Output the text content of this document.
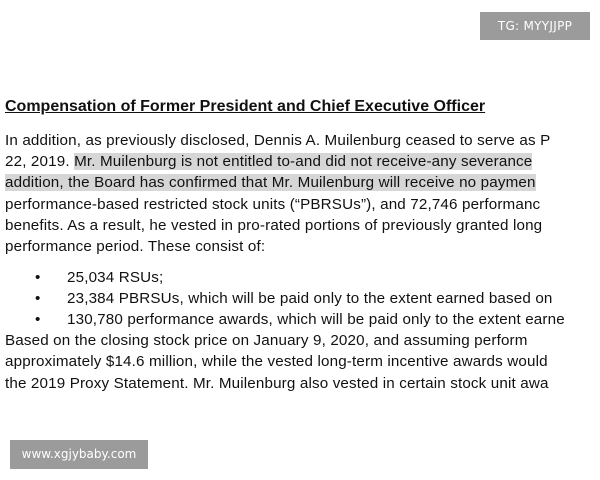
TG: MYYJJPP
Compensation of Former President and Chief Executive Officer
In addition, as previously disclosed, Dennis A. Muilenburg ceased to serve as P
22, 2019. Mr. Muilenburg is not entitled to-and did not receive-any severance
addition, the Board has confirmed that Mr. Muilenburg will receive no paymen
performance-based restricted stock units (“PBRSUs”), and 72,746 performanc
benefits. As a result, he vested in pro-rated portions of previously granted long
performance period. These consist of:
• 25,034 RSUs;
• 23,384 PBRSUs, which will be paid only to the extent earned based on
• 130,780 performance awards, which will be paid only to the extent earne
Based on the closing stock price on January 9, 2020, and assuming perform
approximately $14.6 million, while the vested long-term incentive awards would
the 2019 Proxy Statement. Mr. Muilenburg also vested in certain stock unit awa
www.xgjybaby.com
